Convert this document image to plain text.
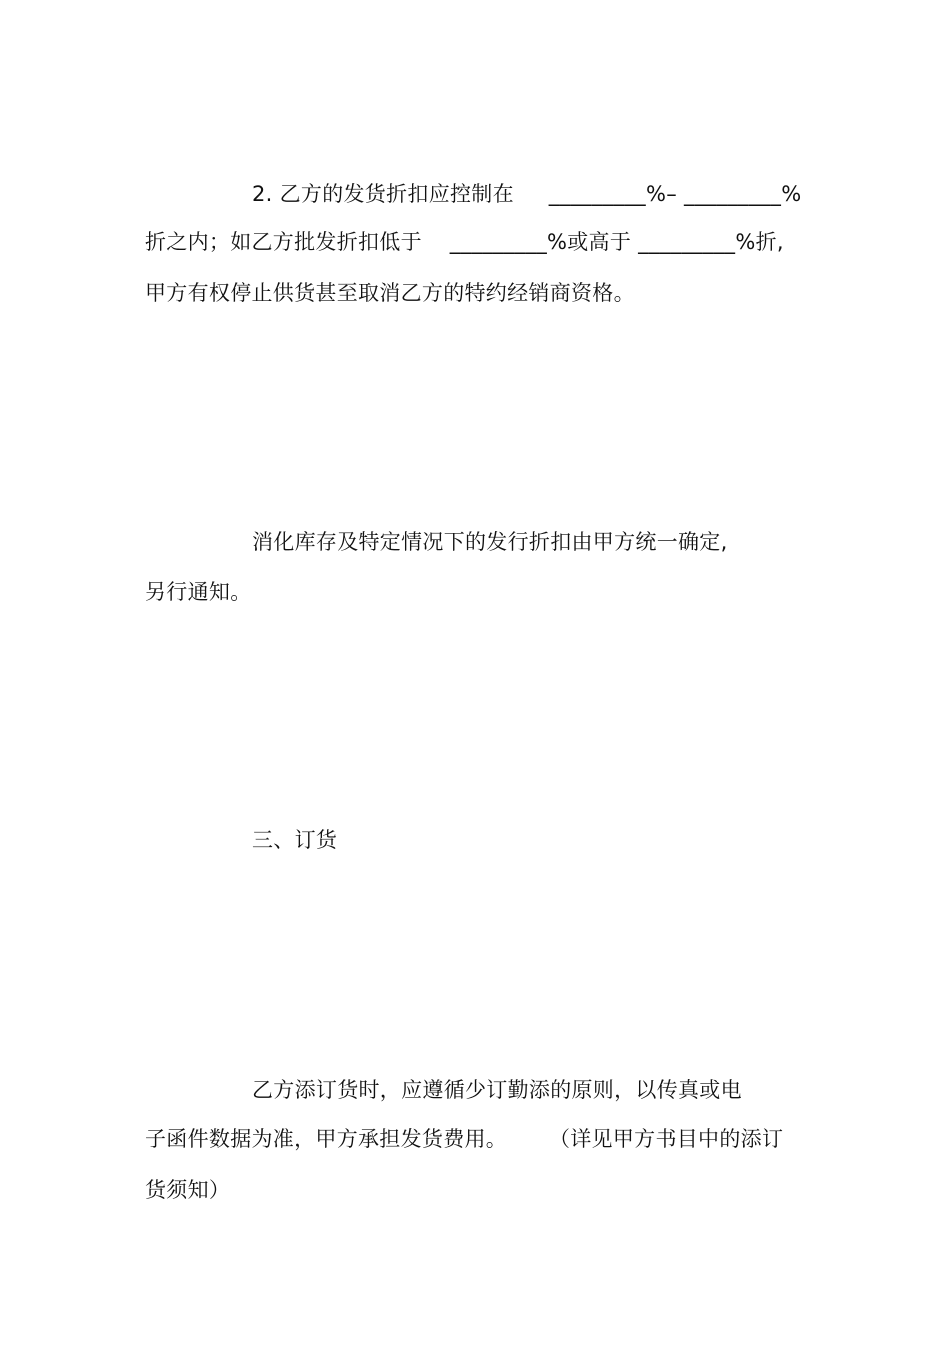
2. 乙方的发货折扣应控制在     _________%– _________%
折之内；如乙方批发折扣低于    _________%或高于 _________%折,
甲方有权停止供货甚至取消乙方的特约经销商资格。
消化库存及特定情况下的发行折扣由甲方统一确定,
另行通知。
三、订货
乙方添订货时，应遵循少订勤添的原则，以传真或电
子函件数据为准，甲方承担发货费用。      （详见甲方书目中的添订
货须知）
